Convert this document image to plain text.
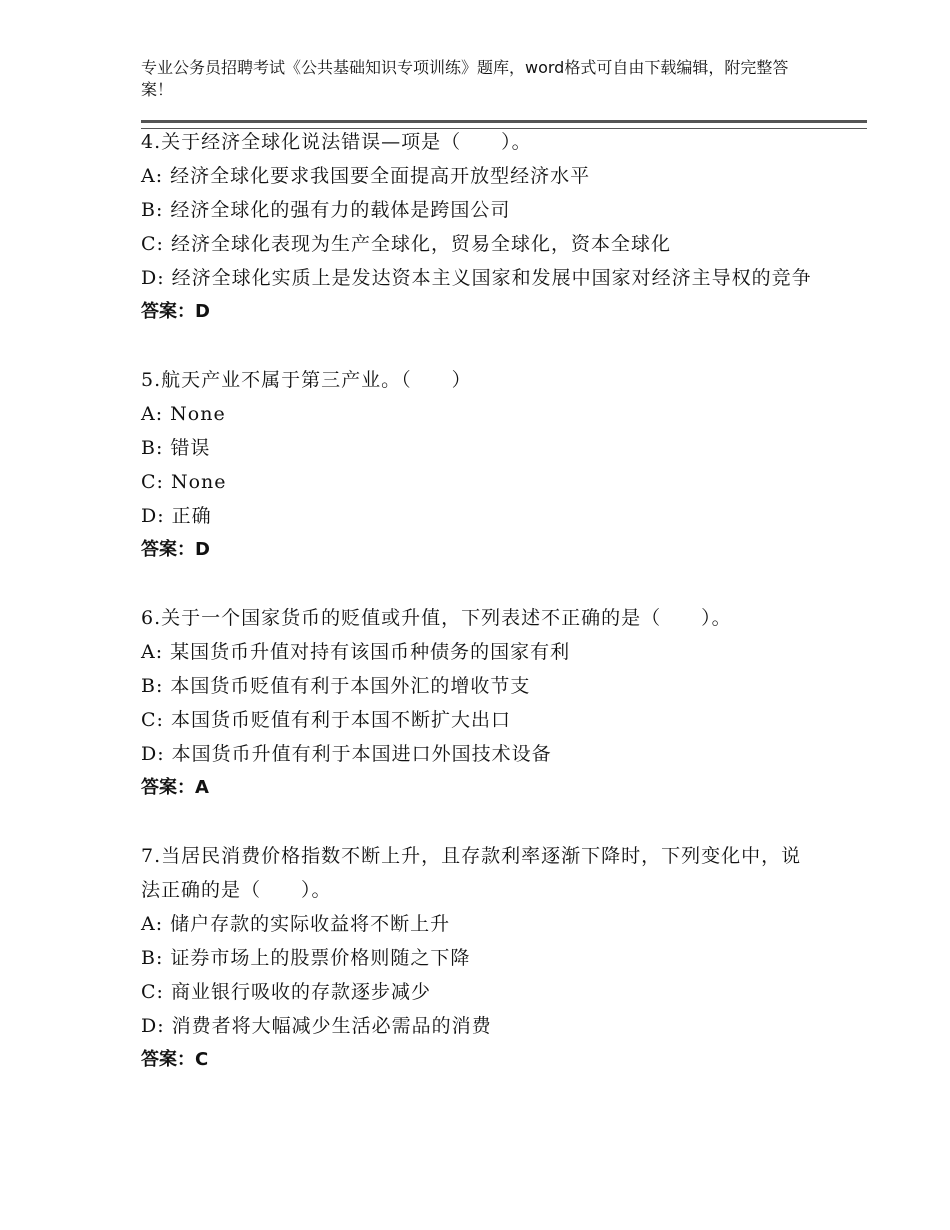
专业公务员招聘考试《公共基础知识专项训练》题库，word格式可自由下载编辑，附完整答案！
4.关于经济全球化说法错误—项是（　　）。
A: 经济全球化要求我国要全面提高开放型经济水平
B: 经济全球化的强有力的载体是跨国公司
C: 经济全球化表现为生产全球化，贸易全球化，资本全球化
D: 经济全球化实质上是发达资本主义国家和发展中国家对经济主导权的竞争
答案：D
5.航天产业不属于第三产业。（　　）
A: None
B: 错误
C: None
D: 正确
答案：D
6.关于一个国家货币的贬值或升值，下列表述不正确的是（　　）。
A: 某国货币升值对持有该国币种债务的国家有利
B: 本国货币贬值有利于本国外汇的增收节支
C: 本国货币贬值有利于本国不断扩大出口
D: 本国货币升值有利于本国进口外国技术设备
答案：A
7.当居民消费价格指数不断上升，且存款利率逐渐下降时，下列变化中，说法正确的是（　　）。
A: 储户存款的实际收益将不断上升
B: 证券市场上的股票价格则随之下降
C: 商业银行吸收的存款逐步减少
D: 消费者将大幅减少生活必需品的消费
答案：C
